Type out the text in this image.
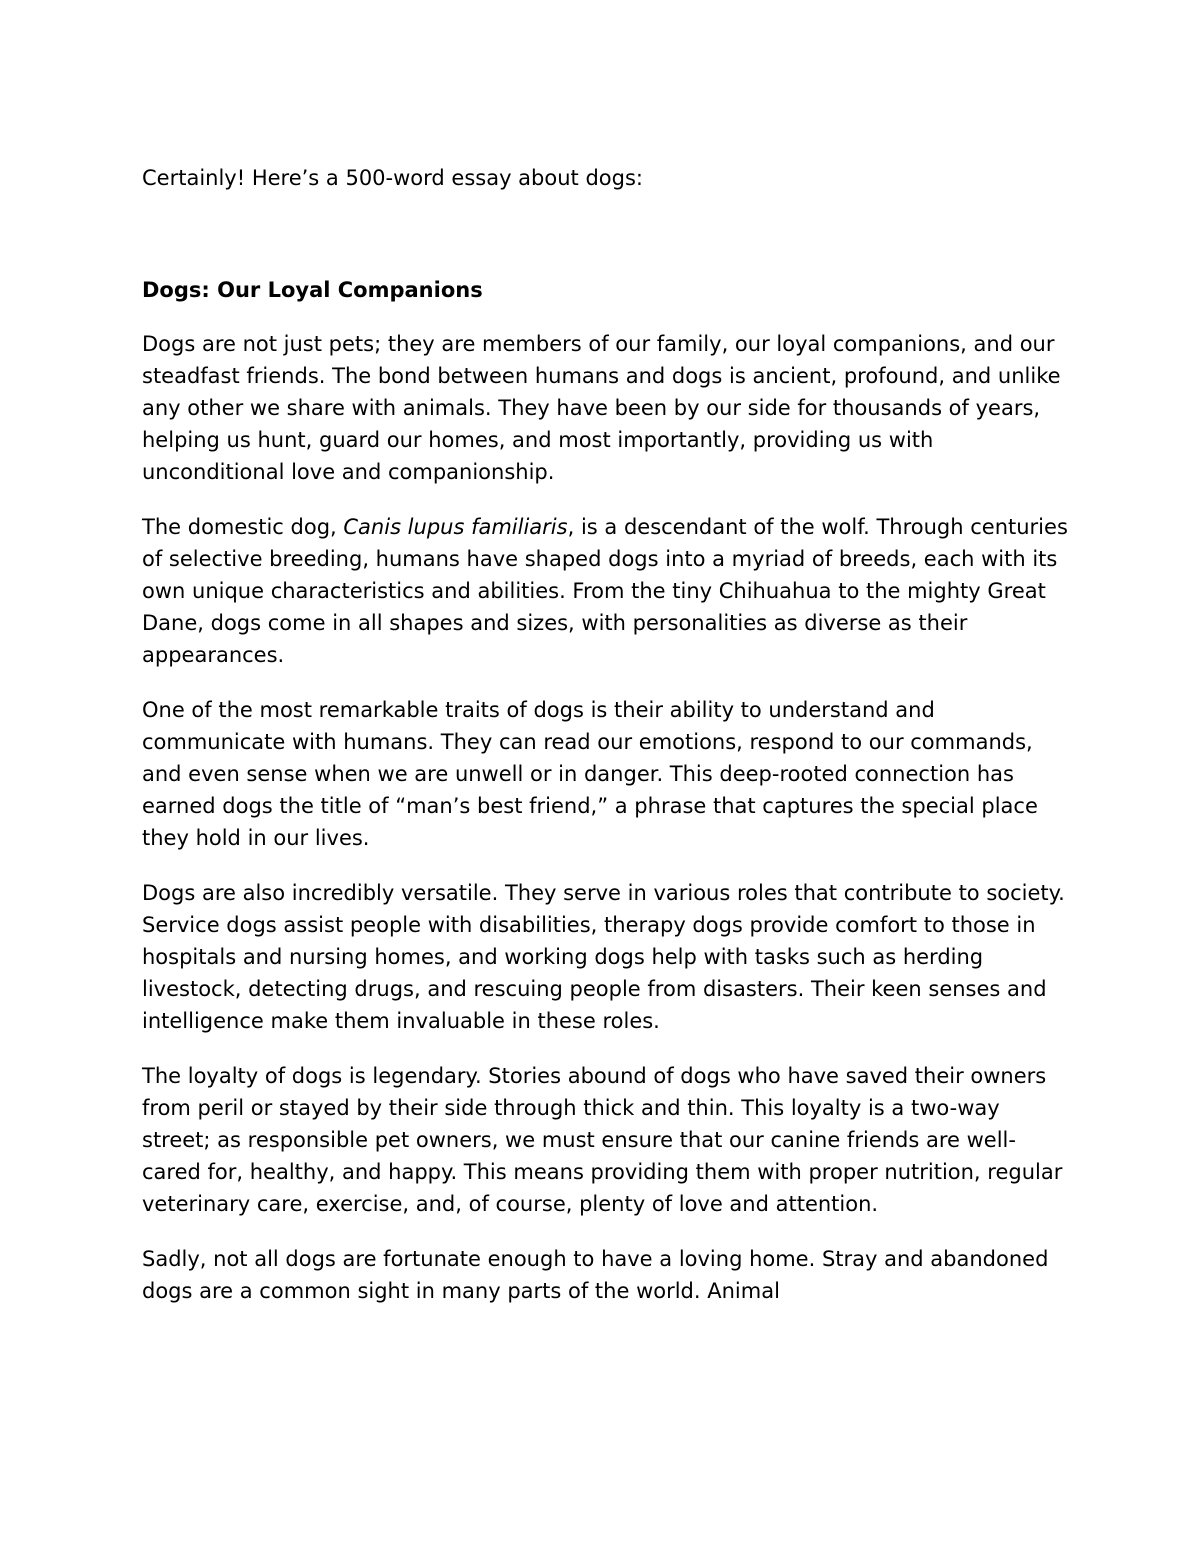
Certainly! Here’s a 500-word essay about dogs:

Dogs: Our Loyal Companions

Dogs are not just pets; they are members of our family, our loyal companions, and our steadfast friends. The bond between humans and dogs is ancient, profound, and unlike any other we share with animals. They have been by our side for thousands of years, helping us hunt, guard our homes, and most importantly, providing us with unconditional love and companionship.

The domestic dog, Canis lupus familiaris, is a descendant of the wolf. Through centuries of selective breeding, humans have shaped dogs into a myriad of breeds, each with its own unique characteristics and abilities. From the tiny Chihuahua to the mighty Great Dane, dogs come in all shapes and sizes, with personalities as diverse as their appearances.

One of the most remarkable traits of dogs is their ability to understand and communicate with humans. They can read our emotions, respond to our commands, and even sense when we are unwell or in danger. This deep-rooted connection has earned dogs the title of “man’s best friend,” a phrase that captures the special place they hold in our lives.

Dogs are also incredibly versatile. They serve in various roles that contribute to society. Service dogs assist people with disabilities, therapy dogs provide comfort to those in hospitals and nursing homes, and working dogs help with tasks such as herding livestock, detecting drugs, and rescuing people from disasters. Their keen senses and intelligence make them invaluable in these roles.

The loyalty of dogs is legendary. Stories abound of dogs who have saved their owners from peril or stayed by their side through thick and thin. This loyalty is a two-way street; as responsible pet owners, we must ensure that our canine friends are well-cared for, healthy, and happy. This means providing them with proper nutrition, regular veterinary care, exercise, and, of course, plenty of love and attention.

Sadly, not all dogs are fortunate enough to have a loving home. Stray and abandoned dogs are a common sight in many parts of the world. Animal
